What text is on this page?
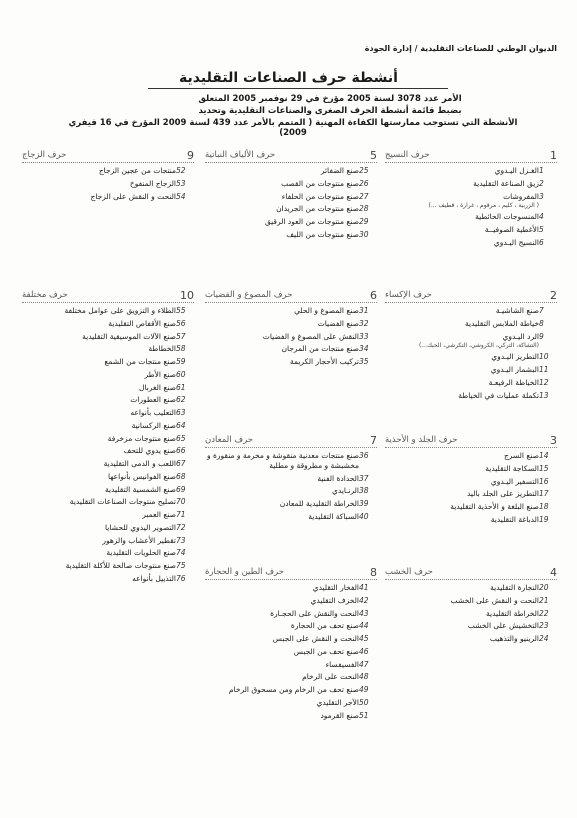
الديوان الوطني للصناعات التقليدية / إدارة الجودة
أنشطة حرف الصناعات التقليدية
الأمر عدد 3078 لسنة 2005 مؤرخ في 29 نوفمبر 2005 المتعلق
بضبط قائمة أنشطة الحرف الصغرى والصناعات التقليدية وتحديد
الأنشطة التي تستوجب ممارستها الكفاءة المهنية ( المتمم بالأمر عدد 439 لسنة 2009 المؤرخ في 16 فيفري 2009)
1
حرف النسيج
1
الغـزل اليـدوي
2
زيق الصناعة التقليدية
3
المفروشات
( الزربية ، كليم ، مرقوم ، غرارة ، قطيف ...)
4
المنسوجات الحائطية
5
الأغطية الصوفيــة
6
النسيج اليـدوي
2
حرف الإكساء
7
صنع الشاشيـة
8
خياطة الملابس التقليدية
9
الرد اليـدوي
(التشاكة، التركي، الكروشي، التكرشي، الحبك...)
10
التطريز اليـدوي
11
البشمار اليـدوي
12
الخياطة الرفيعـة
13
تكملة عمليات في الخياطة
3
حرف الجلد و الأحذية
14
صنع السرج
15
السكاجة التقليدية
16
التسفير اليـدوي
17
التطريز على الجلد باليد
18
صنع البلغة و الأحذية التقليدية
19
الدباغة التقليدية
4
حرف الخشب
20
النجارة التقليدية
21
النحت و النقش على الخشب
22
الخراطة التقليدية
23
التخشيش على الخشب
24
الرينيو والتذهيب
5
حرف الألياف النباتية
25
صنع الضفائر
26
صنع منتوجات من القصب
27
صنع منتوجات من الحلفاء
28
صنع منتوجات من الجريدان
29
صنع منتوجات من العود الرقيق
30
صنع منتوجات من الليف
6
حرف المصوغ و الفضيات
31
صنع المصوغ و الحلي
32
صنع الفضيات
33
النقش على المصوغ و الفضيات
34
صنع منتجات من المرجان
35
تركيب الأحجار الكريمة
7
حرف المعادن
36
صنع منتجات معدنية منقوشة و مخرمة و منقورة و مخشبشة و مطروقة و مطلية
37
الحدادة الفنية
38
الرنـايدي
39
الخراطة التقليدية للمعادن
40
السباكة التقليدية
8
حرف الطين و الحجارة
41
الفخار التقليدي
42
الخزف التقليدي
43
النحت والنقش على الحجـارة
44
صنع تحف من الحجارة
45
النحت و النقش على الجبس
46
صنع تحف من الجبس
47
الفسيفساء
48
النحت على الرخام
49
صنع تحف من الرخام ومن مسحوق الرخام
50
الآجر التقليدي
51
صنع القرمود
9
حرف الزجاج
52
منتجات من عجين الزجاج
53
الزجاج المنفوخ
54
النحت و النقش على الزجاج
10
حرف مختلفة
55
الطلاء و التزويق على عوامل مختلفة
56
صنع الأقفاص التقليدية
57
صنع الآلات الموسيقية التقليدية
58
الخطاطة
59
صنع منتجات من الشمع
60
صنع الأطر
61
صنع الغربال
62
صنع العطورات
63
التعليب بأنواعه
64
صنع الركسانية
65
صنع منتوجات مزخرفة
66
صنع يدوي للتحف
67
اللعب و الدمى التقليدية
68
صنع الفوانيس بأنواعها
69
صنع الشمسية التقليدية
70
تصليح منتوجات الصناعات التقليدية
71
صنع العمبر
72
التصوير اليدوي للحشايا
73
تقطير الأعشاب والزهور
74
صنع الحلويات التقليدية
75
صنع منتوجات صالحة للأكلة التقليدية
76
التذييل بأنواعه
